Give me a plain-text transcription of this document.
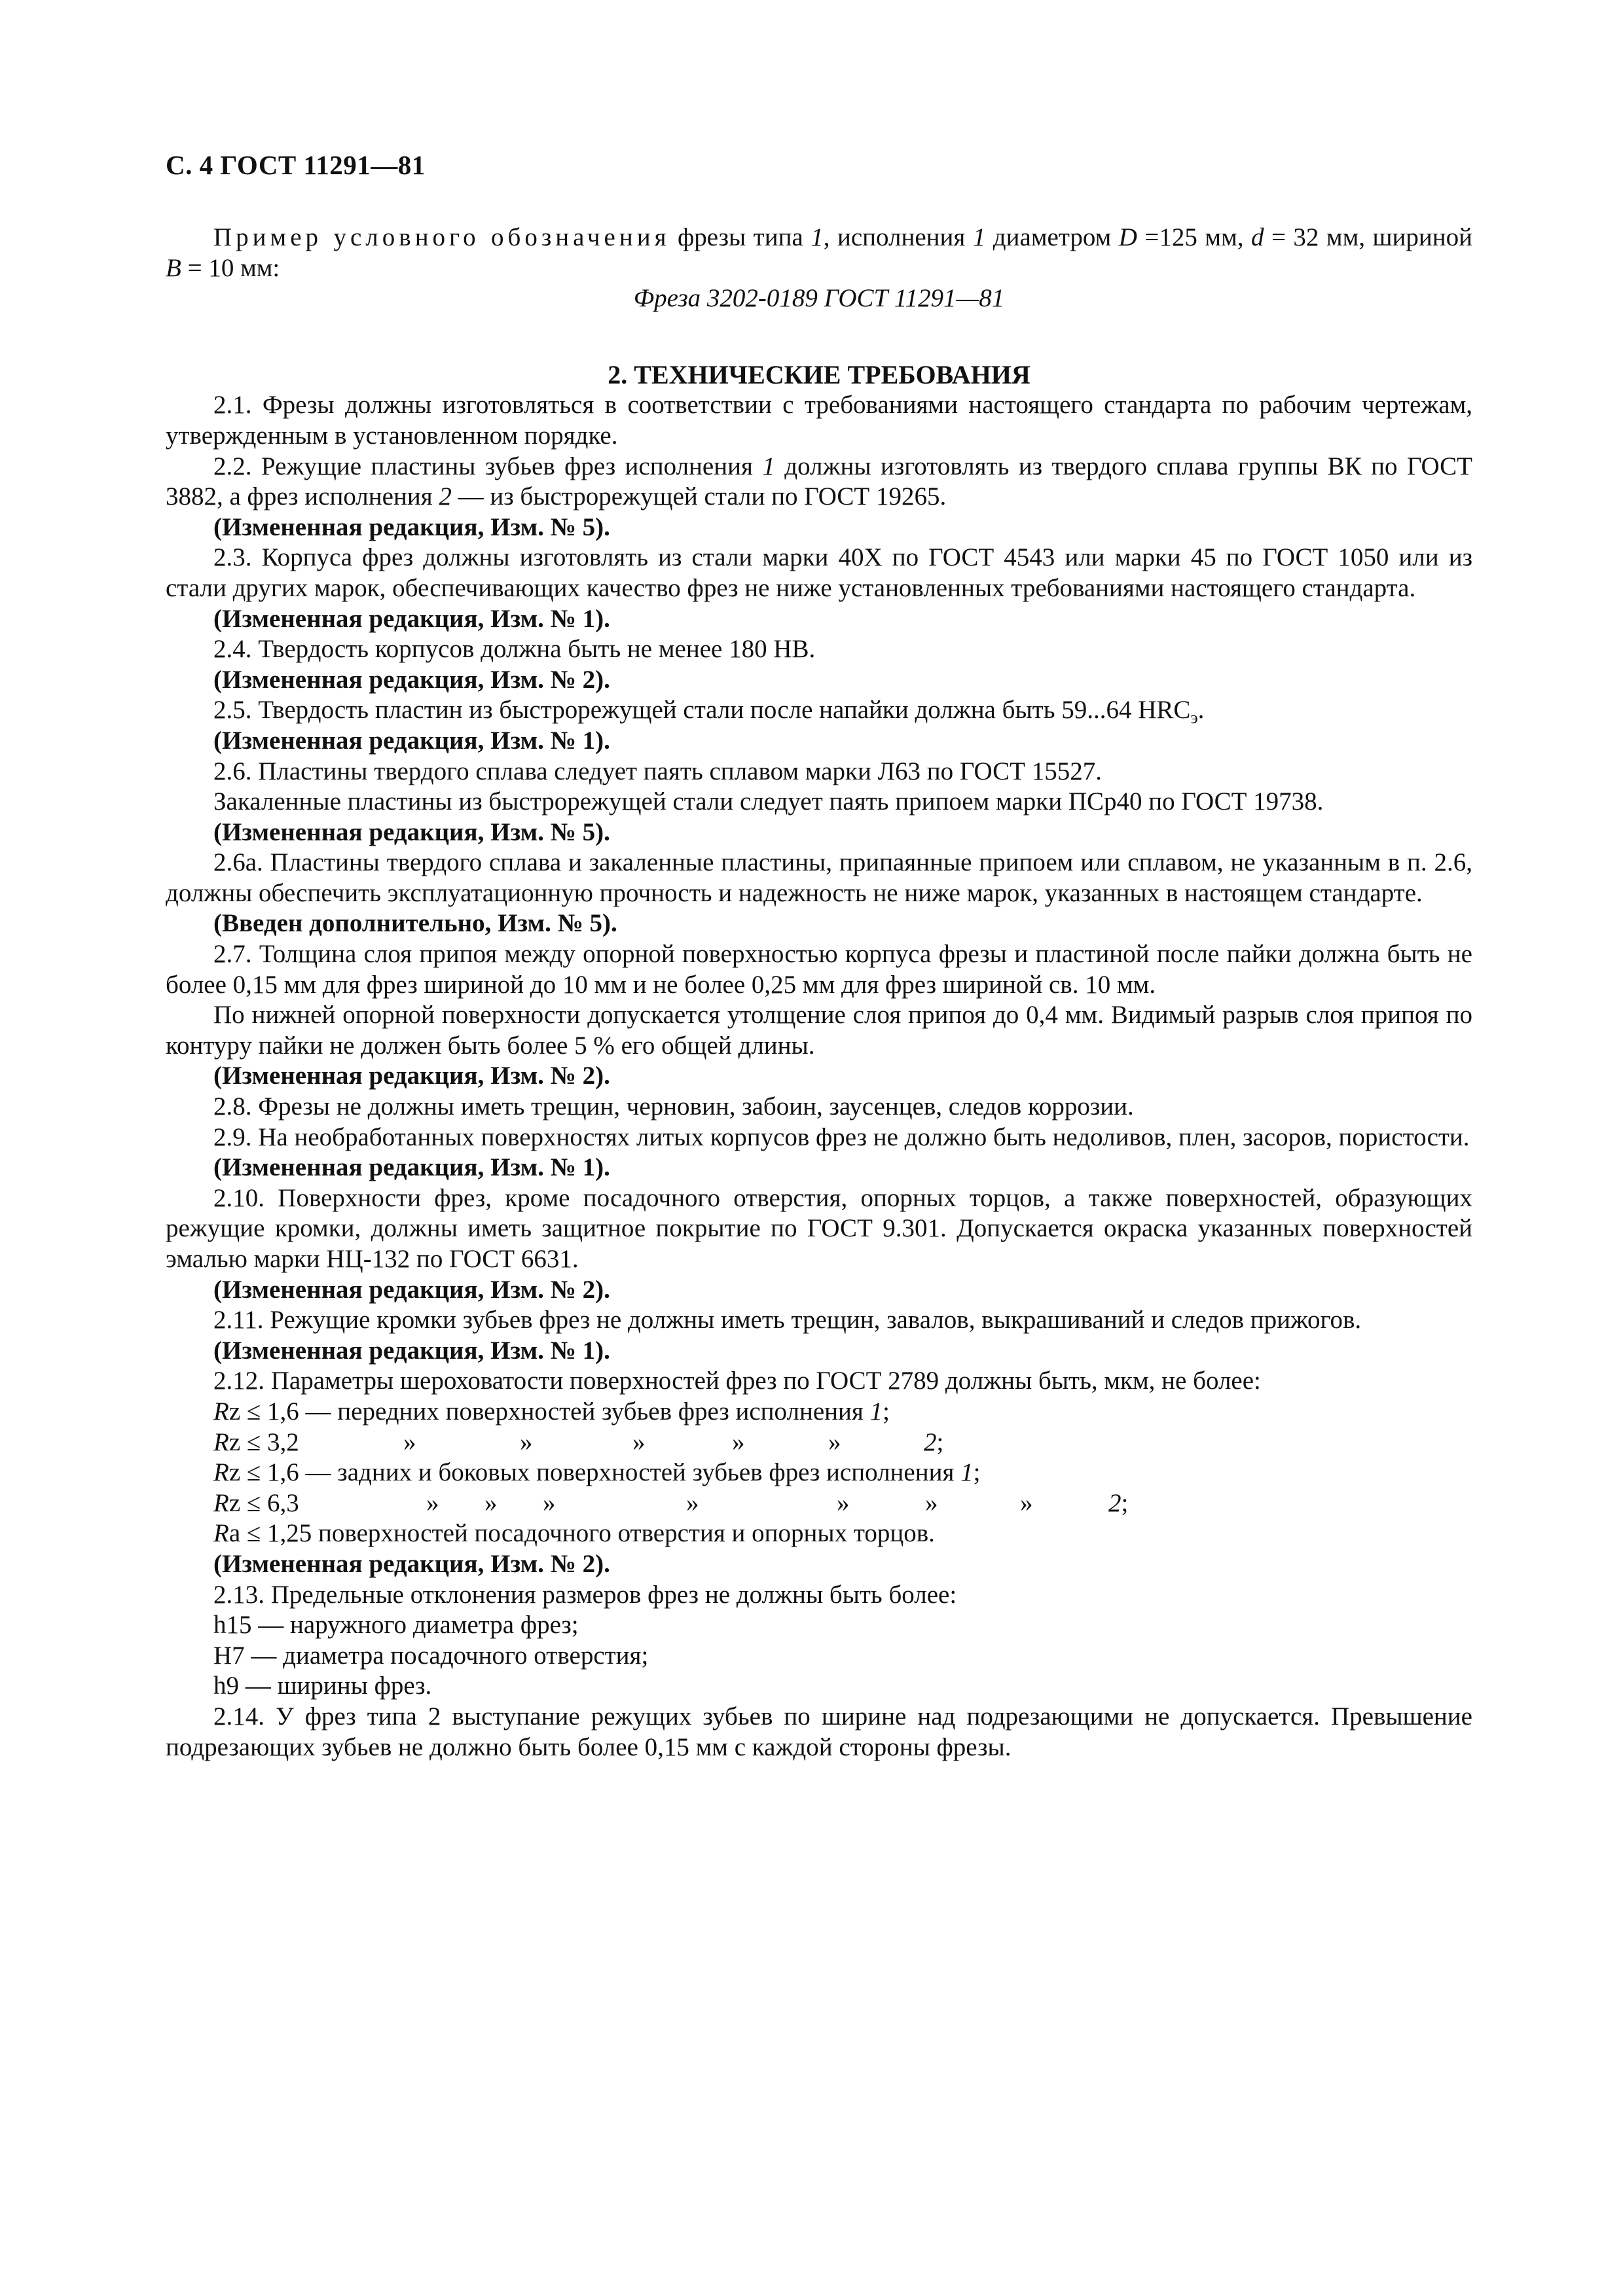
С. 4 ГОСТ 11291—81

Пример условного обозначения фрезы типа 1, исполнения 1 диаметром D =125 мм, d = 32 мм, шириной B = 10 мм:

Фреза 3202-0189 ГОСТ 11291—81

2. ТЕХНИЧЕСКИЕ ТРЕБОВАНИЯ

2.1. Фрезы должны изготовляться в соответствии с требованиями настоящего стандарта по рабочим чертежам, утвержденным в установленном порядке.

2.2. Режущие пластины зубьев фрез исполнения 1 должны изготовлять из твердого сплава группы ВК по ГОСТ 3882, а фрез исполнения 2 — из быстрорежущей стали по ГОСТ 19265.

(Измененная редакция, Изм. № 5).

2.3. Корпуса фрез должны изготовлять из стали марки 40Х по ГОСТ 4543 или марки 45 по ГОСТ 1050 или из стали других марок, обеспечивающих качество фрез не ниже установленных требованиями настоящего стандарта.

(Измененная редакция, Изм. № 1).

2.4. Твердость корпусов должна быть не менее 180 НВ.

(Измененная редакция, Изм. № 2).

2.5. Твердость пластин из быстрорежущей стали после напайки должна быть 59...64 $HRC_э$.

(Измененная редакция, Изм. № 1).

2.6. Пластины твердого сплава следует паять сплавом марки Л63 по ГОСТ 15527.

Закаленные пластины из быстрорежущей стали следует паять припоем марки ПСр40 по ГОСТ 19738.

(Измененная редакция, Изм. № 5).

2.6а. Пластины твердого сплава и закаленные пластины, припаянные припоем или сплавом, не указанным в п. 2.6, должны обеспечить эксплуатационную прочность и надежность не ниже марок, указанных в настоящем стандарте.

(Введен дополнительно, Изм. № 5).

2.7. Толщина слоя припоя между опорной поверхностью корпуса фрезы и пластиной после пайки должна быть не более 0,15 мм для фрез шириной до 10 мм и не более 0,25 мм для фрез шириной св. 10 мм.

По нижней опорной поверхности допускается утолщение слоя припоя до 0,4 мм. Видимый разрыв слоя припоя по контуру пайки не должен быть более 5 % его общей длины.

(Измененная редакция, Изм. № 2).

2.8. Фрезы не должны иметь трещин, черновин, забоин, заусенцев, следов коррозии.

2.9. На необработанных поверхностях литых корпусов фрез не должно быть недоливов, плен, засоров, пористости.

(Измененная редакция, Изм. № 1).

2.10. Поверхности фрез, кроме посадочного отверстия, опорных торцов, а также поверхностей, образующих режущие кромки, должны иметь защитное покрытие по ГОСТ 9.301. Допускается окраска указанных поверхностей эмалью марки НЦ-132 по ГОСТ 6631.

(Измененная редакция, Изм. № 2).

2.11. Режущие кромки зубьев фрез не должны иметь трещин, завалов, выкрашиваний и следов прижогов.

(Измененная редакция, Изм. № 1).

2.12. Параметры шероховатости поверхностей фрез по ГОСТ 2789 должны быть, мкм, не более:

Rz ≤ 1,6 — передних поверхностей зубьев фрез исполнения 1;
Rz ≤ 3,2	»	»	»	»	»	2;
Rz ≤ 1,6 — задних и боковых поверхностей зубьев фрез исполнения 1;
Rz ≤ 6,3	» » »	»	»	»	»	2;
Ra ≤ 1,25 поверхностей посадочного отверстия и опорных торцов.

(Измененная редакция, Изм. № 2).

2.13. Предельные отклонения размеров фрез не должны быть более:

h15 — наружного диаметра фрез;
H7 — диаметра посадочного отверстия;
h9 — ширины фрез.

2.14. У фрез типа 2 выступание режущих зубьев по ширине над подрезающими не допускается. Превышение подрезающих зубьев не должно быть более 0,15 мм с каждой стороны фрезы.
